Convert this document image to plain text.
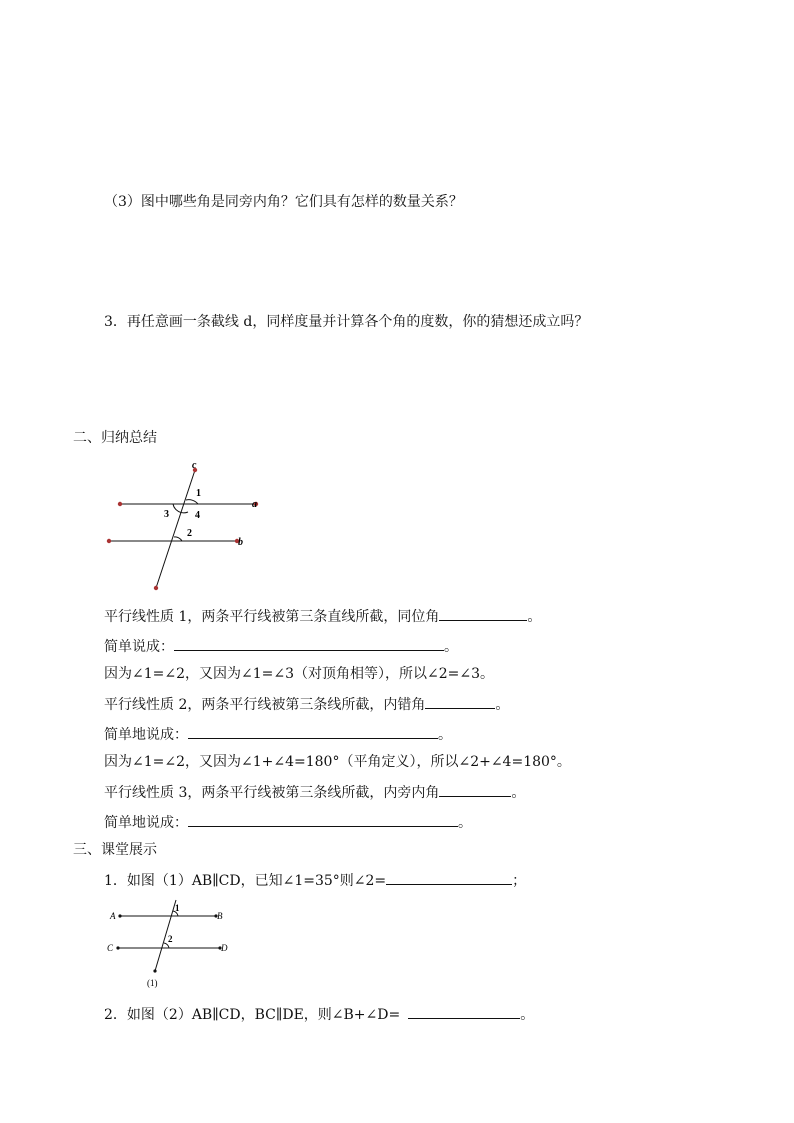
（3）图中哪些角是同旁内角？它们具有怎样的数量关系？
3．再任意画一条截线 d，同样度量并计算各个角的度数，你的猜想还成立吗？
二、归纳总结
c
a
b
1
3	4
2
平行线性质 1，两条平行线被第三条直线所截，同位角	。
简单说成：	。
因为∠1=∠2，又因为∠1=∠3（对顶角相等），所以∠2=∠3。
平行线性质 2，两条平行线被第三条线所截，内错角	。
简单地说成：	。
因为∠1=∠2，又因为∠1+∠4=180°（平角定义），所以∠2+∠4=180°。
平行线性质 3，两条平行线被第三条线所截，内旁内角	。
简单地说成：	。
三、课堂展示
1．如图（1）AB∥CD，已知∠1=35°则∠2=	；
A	B
C	D
1
2
(1)
2．如图（2）AB∥CD，BC∥DE，则∠B+∠D=	。
